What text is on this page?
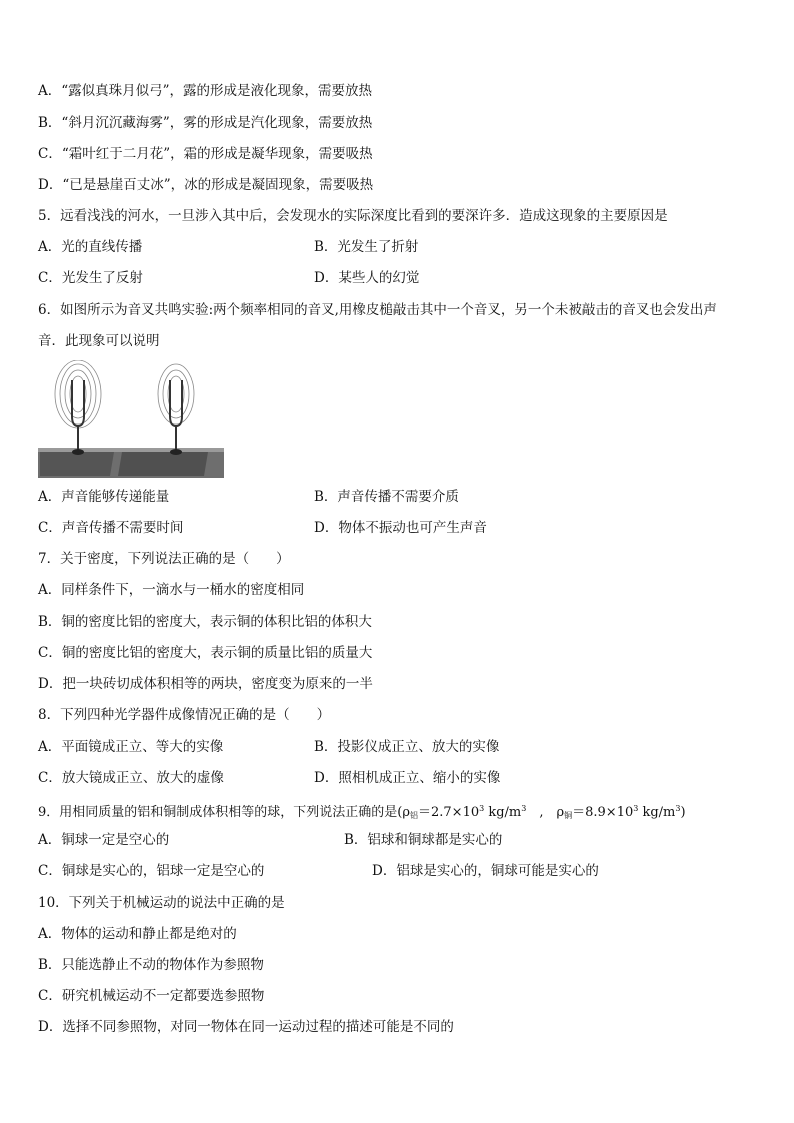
A．“露似真珠月似弓”，露的形成是液化现象，需要放热
B．“斜月沉沉藏海雾”，雾的形成是汽化现象，需要放热
C．“霜叶红于二月花”，霜的形成是凝华现象，需要吸热
D．“已是悬崖百丈冰”，冰的形成是凝固现象，需要吸热
5．远看浅浅的河水，一旦涉入其中后，会发现水的实际深度比看到的要深许多．造成这现象的主要原因是
A．光的直线传播	B．光发生了折射
C．光发生了反射	D．某些人的幻觉
6．如图所示为音叉共鸣实验:两个频率相同的音叉,用橡皮槌敲击其中一个音叉，另一个未被敲击的音叉也会发出声
音．此现象可以说明
A．声音能够传递能量	B．声音传播不需要介质
C．声音传播不需要时间	D．物体不振动也可产生声音
7．关于密度，下列说法正确的是（　　）
A．同样条件下，一滴水与一桶水的密度相同
B．铜的密度比铝的密度大，表示铜的体积比铝的体积大
C．铜的密度比铝的密度大，表示铜的质量比铝的质量大
D．把一块砖切成体积相等的两块，密度变为原来的一半
8．下列四种光学器件成像情况正确的是（　　）
A．平面镜成正立、等大的实像	B．投影仪成正立、放大的实像
C．放大镜成正立、放大的虚像	D．照相机成正立、缩小的实像
9．用相同质量的铝和铜制成体积相等的球，下列说法正确的是($\rho_铝=2.7\times 10^3$ $kg/m^3$　,　$\rho_铜=8.9\times 10^3$ $kg/m^3$)
A．铜球一定是空心的	B．铝球和铜球都是实心的
C．铜球是实心的，铝球一定是空心的	D．铝球是实心的，铜球可能是实心的
10．下列关于机械运动的说法中正确的是
A．物体的运动和静止都是绝对的
B．只能选静止不动的物体作为参照物
C．研究机械运动不一定都要选参照物
D．选择不同参照物，对同一物体在同一运动过程的描述可能是不同的
